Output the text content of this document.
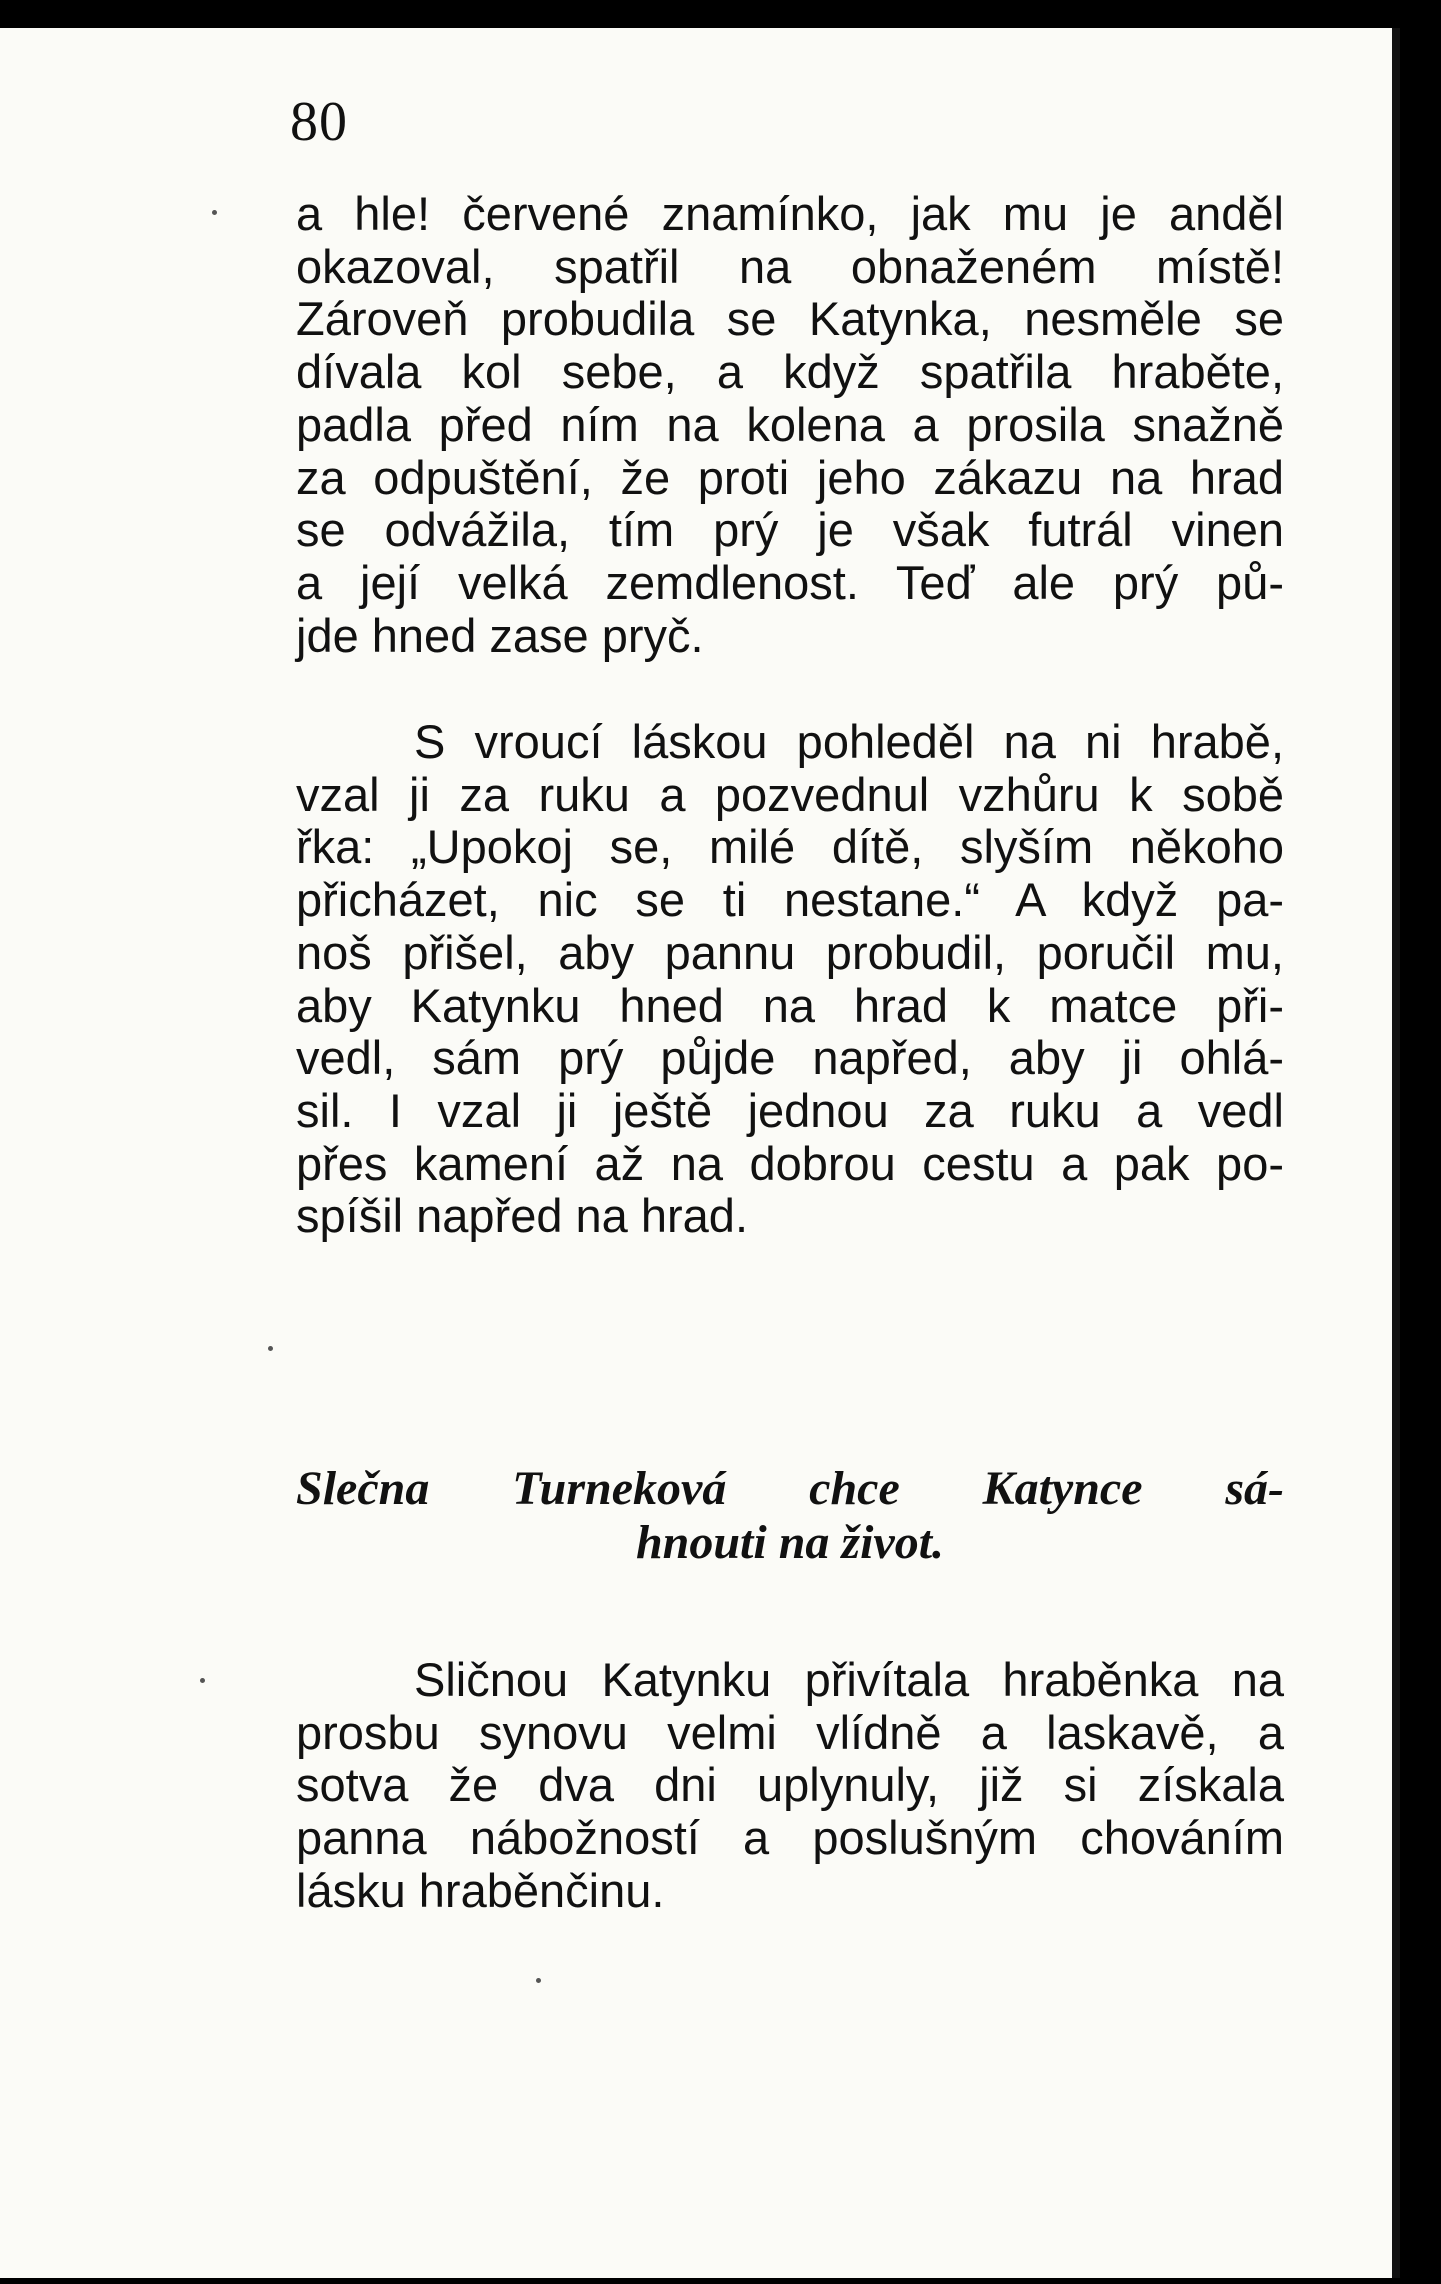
80

a hle! červené znamínko, jak mu je anděl
okazoval, spatřil na obnaženém místě!
Zároveň probudila se Katynka, nesměle se
dívala kol sebe, a když spatřila hraběte,
padla před ním na kolena a prosila snažně
za odpuštění, že proti jeho zákazu na hrad
se odvážila, tím prý je však futrál vinen
a její velká zemdlenost. Teď ale prý pů-
jde hned zase pryč.

S vroucí láskou pohleděl na ni hrabě,
vzal ji za ruku a pozvednul vzhůru k sobě
řka: „Upokoj se, milé dítě, slyším někoho
přicházet, nic se ti nestane.“ A když pa-
noš přišel, aby pannu probudil, poručil mu,
aby Katynku hned na hrad k matce při-
vedl, sám prý půjde napřed, aby ji ohlá-
sil. I vzal ji ještě jednou za ruku a vedl
přes kamení až na dobrou cestu a pak po-
spíšil napřed na hrad.

Slečna Turneková chce Katynce sá-
hnouti na život.

Sličnou Katynku přivítala hraběnka na
prosbu synovu velmi vlídně a laskavě, a
sotva že dva dni uplynuly, již si získala
panna nábožností a poslušným chováním
lásku hraběnčinu.
